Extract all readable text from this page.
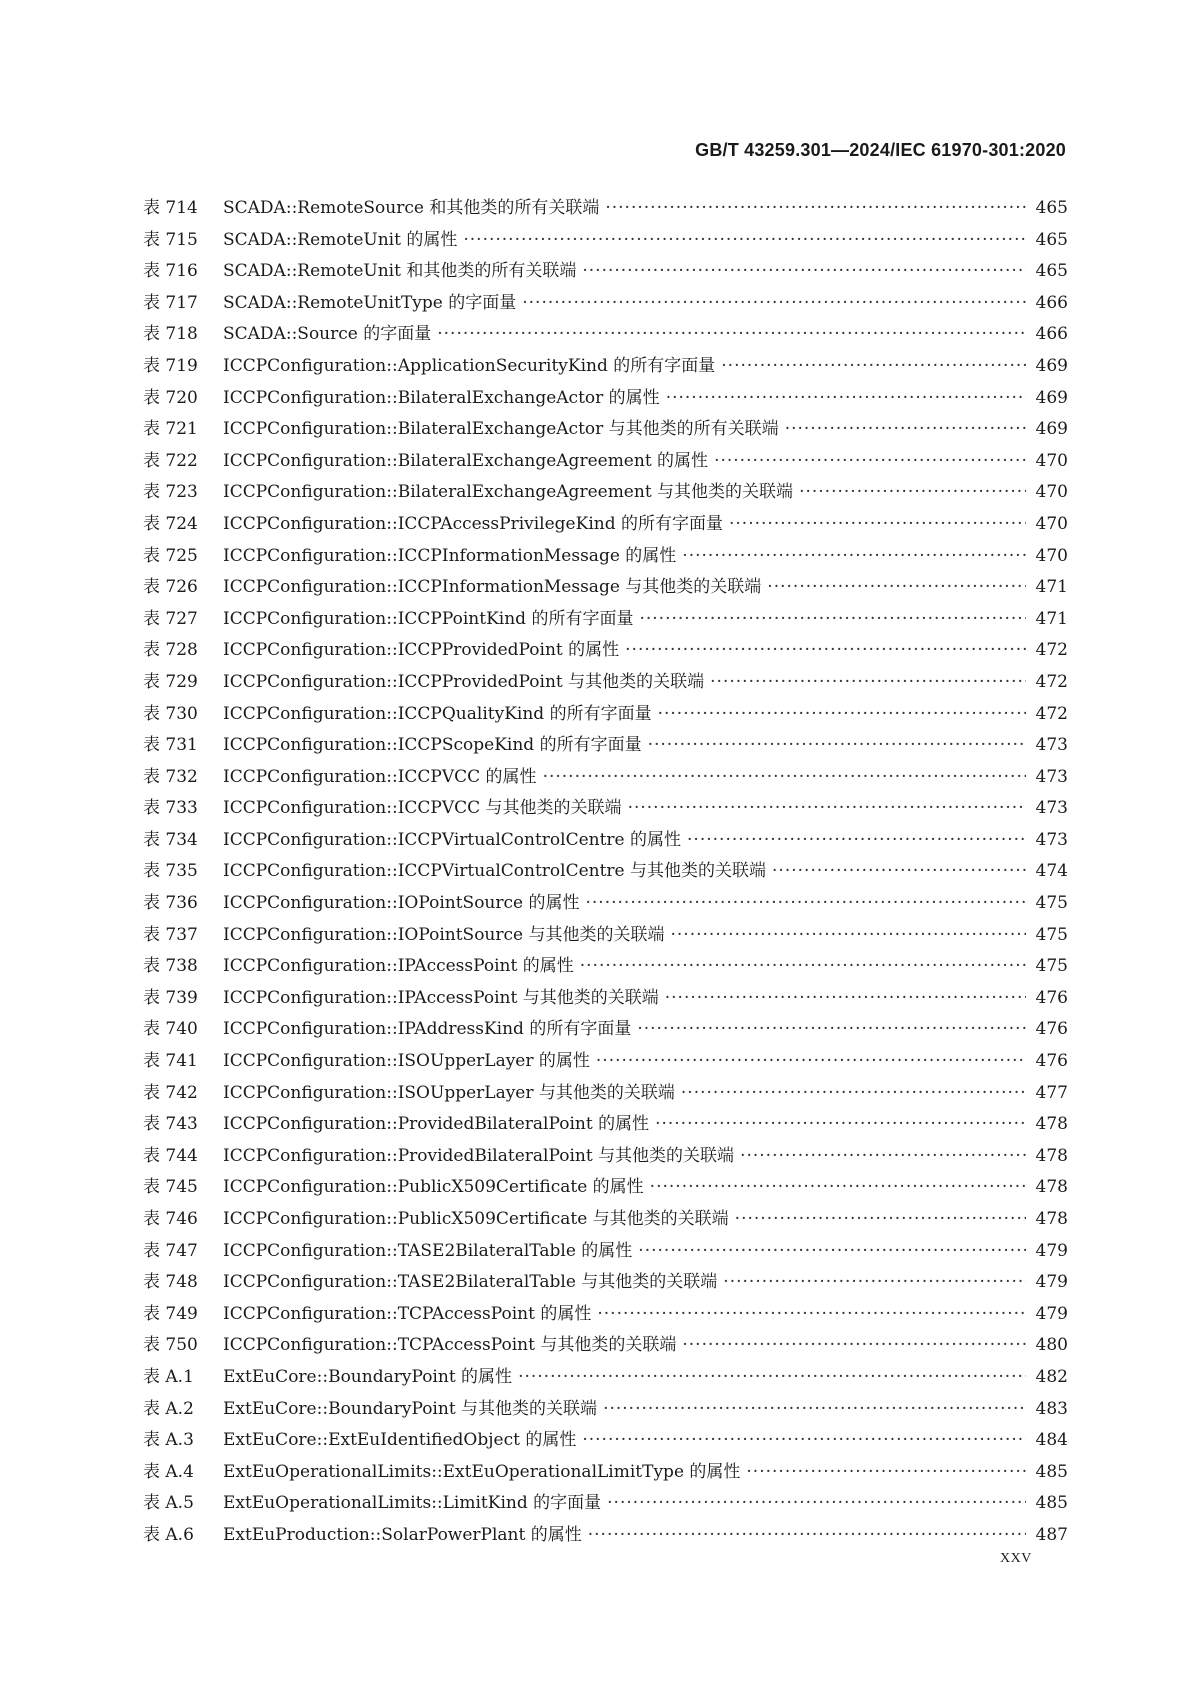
GB/T 43259.301—2024/IEC 61970-301:2020
表 714	SCADA::RemoteSource 和其他类的所有关联端 ·····	465
表 715	SCADA::RemoteUnit 的属性 ·····	465
表 716	SCADA::RemoteUnit 和其他类的所有关联端 ·····	465
表 717	SCADA::RemoteUnitType 的字面量 ·····	466
表 718	SCADA::Source 的字面量 ·····	466
表 719	ICCPConfiguration::ApplicationSecurityKind 的所有字面量 ·····	469
表 720	ICCPConfiguration::BilateralExchangeActor 的属性 ·····	469
表 721	ICCPConfiguration::BilateralExchangeActor 与其他类的所有关联端 ·····	469
表 722	ICCPConfiguration::BilateralExchangeAgreement 的属性 ·····	470
表 723	ICCPConfiguration::BilateralExchangeAgreement 与其他类的关联端 ·····	470
表 724	ICCPConfiguration::ICCPAccessPrivilegeKind 的所有字面量 ·····	470
表 725	ICCPConfiguration::ICCPInformationMessage 的属性 ·····	470
表 726	ICCPConfiguration::ICCPInformationMessage 与其他类的关联端 ·····	471
表 727	ICCPConfiguration::ICCPPointKind 的所有字面量 ·····	471
表 728	ICCPConfiguration::ICCPProvidedPoint 的属性 ·····	472
表 729	ICCPConfiguration::ICCPProvidedPoint 与其他类的关联端 ·····	472
表 730	ICCPConfiguration::ICCPQualityKind 的所有字面量 ·····	472
表 731	ICCPConfiguration::ICCPScopeKind 的所有字面量 ·····	473
表 732	ICCPConfiguration::ICCPVCC 的属性 ·····	473
表 733	ICCPConfiguration::ICCPVCC 与其他类的关联端 ·····	473
表 734	ICCPConfiguration::ICCPVirtualControlCentre 的属性 ·····	473
表 735	ICCPConfiguration::ICCPVirtualControlCentre 与其他类的关联端 ·····	474
表 736	ICCPConfiguration::IOPointSource 的属性 ·····	475
表 737	ICCPConfiguration::IOPointSource 与其他类的关联端 ·····	475
表 738	ICCPConfiguration::IPAccessPoint 的属性 ·····	475
表 739	ICCPConfiguration::IPAccessPoint 与其他类的关联端 ·····	476
表 740	ICCPConfiguration::IPAddressKind 的所有字面量 ·····	476
表 741	ICCPConfiguration::ISOUpperLayer 的属性 ·····	476
表 742	ICCPConfiguration::ISOUpperLayer 与其他类的关联端 ·····	477
表 743	ICCPConfiguration::ProvidedBilateralPoint 的属性 ·····	478
表 744	ICCPConfiguration::ProvidedBilateralPoint 与其他类的关联端 ·····	478
表 745	ICCPConfiguration::PublicX509Certificate 的属性 ·····	478
表 746	ICCPConfiguration::PublicX509Certificate 与其他类的关联端 ·····	478
表 747	ICCPConfiguration::TASE2BilateralTable 的属性 ·····	479
表 748	ICCPConfiguration::TASE2BilateralTable 与其他类的关联端 ·····	479
表 749	ICCPConfiguration::TCPAccessPoint 的属性 ·····	479
表 750	ICCPConfiguration::TCPAccessPoint 与其他类的关联端 ·····	480
表 A.1	ExtEuCore::BoundaryPoint 的属性 ·····	482
表 A.2	ExtEuCore::BoundaryPoint 与其他类的关联端 ·····	483
表 A.3	ExtEuCore::ExtEuIdentifiedObject 的属性 ·····	484
表 A.4	ExtEuOperationalLimits::ExtEuOperationalLimitType 的属性 ·····	485
表 A.5	ExtEuOperationalLimits::LimitKind 的字面量 ·····	485
表 A.6	ExtEuProduction::SolarPowerPlant 的属性 ·····	487
XXV
